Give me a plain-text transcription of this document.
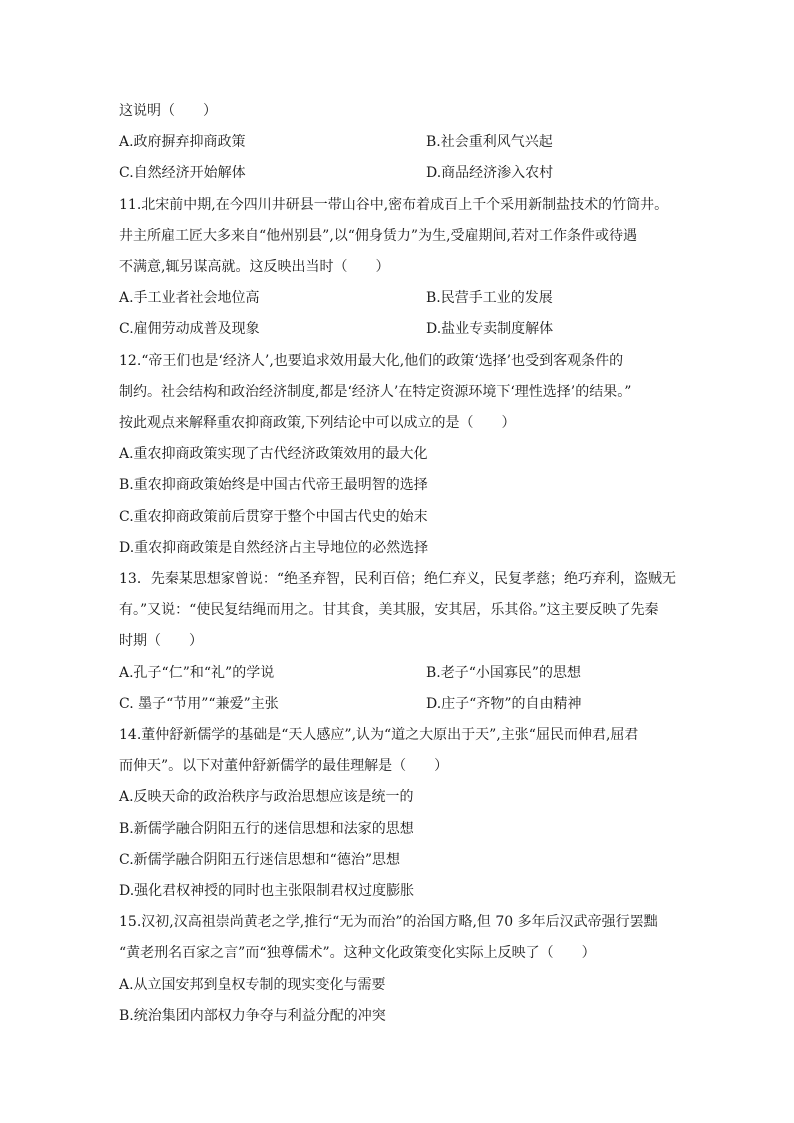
这说明（　　）
A.政府摒弃抑商政策	B.社会重利风气兴起
C.自然经济开始解体	D.商品经济渗入农村
11.北宋前中期,在今四川井研县一带山谷中,密布着成百上千个采用新制盐技术的竹筒井。
井主所雇工匠大多来自“他州别县”,以“佣身赁力”为生,受雇期间,若对工作条件或待遇
不满意,辄另谋高就。这反映出当时（　　）
A.手工业者社会地位高	B.民营手工业的发展
C.雇佣劳动成普及现象	D.盐业专卖制度解体
12.“帝王们也是‘经济人’,也要追求效用最大化,他们的政策‘选择’也受到客观条件的
制约。社会结构和政治经济制度,都是‘经济人’在特定资源环境下‘理性选择’的结果。”
按此观点来解释重农抑商政策,下列结论中可以成立的是（　　）
A.重农抑商政策实现了古代经济政策效用的最大化
B.重农抑商政策始终是中国古代帝王最明智的选择
C.重农抑商政策前后贯穿于整个中国古代史的始末
D.重农抑商政策是自然经济占主导地位的必然选择
13．先秦某思想家曾说：“绝圣弃智，民利百倍；绝仁弃义，民复孝慈；绝巧弃利，盗贼无
有。”又说：“使民复结绳而用之。甘其食，美其服，安其居，乐其俗。”这主要反映了先秦
时期（　　）
A.孔子“仁”和“礼”的学说	B.老子“小国寡民”的思想
C. 墨子“节用”“兼爱”主张	D.庄子“齐物”的自由精神
14.董仲舒新儒学的基础是“天人感应”,认为“道之大原出于天”,主张“屈民而伸君,屈君
而伸天”。以下对董仲舒新儒学的最佳理解是（　　）
A.反映天命的政治秩序与政治思想应该是统一的
B.新儒学融合阴阳五行的迷信思想和法家的思想
C.新儒学融合阴阳五行迷信思想和“德治”思想
D.强化君权神授的同时也主张限制君权过度膨胀
15.汉初,汉高祖崇尚黄老之学,推行“无为而治”的治国方略,但 70 多年后汉武帝强行罢黜
“黄老刑名百家之言”而“独尊儒术”。这种文化政策变化实际上反映了（　　）
A.从立国安邦到皇权专制的现实变化与需要
B.统治集团内部权力争夺与利益分配的冲突
